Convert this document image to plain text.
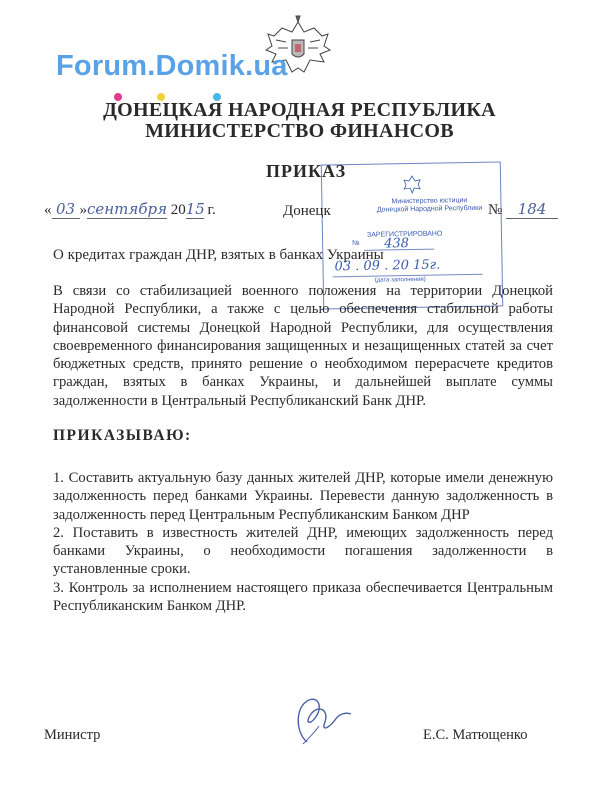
Forum.Domik.ua
ДОНЕЦКАЯ НАРОДНАЯ РЕСПУБЛИКА
МИНИСТЕРСТВО ФИНАНСОВ
ПРИКАЗ
Министерство юстиции
Донецкой Народной Республики
ЗАРЕГИСТРИРОВАНО
№ 438
03 . 09 . 20 15г.
(дата заполнения)
« 03 »сентября 2015 г.	Донецк	№ 184
О кредитах граждан ДНР, взятых в банках Украины
В связи со стабилизацией военного положения на территории Донецкой Народной Республики, а также с целью обеспечения стабильной работы финансовой системы Донецкой Народной Республики, для осуществления своевременного финансирования защищенных и незащищенных статей за счет бюджетных средств, принято решение о необходимом перерасчете кредитов граждан, взятых в банках Украины, и дальнейшей выплате суммы задолженности в Центральный Республиканский Банк ДНР.
ПРИКАЗЫВАЮ:
1. Составить актуальную базу данных жителей ДНР, которые имели денежную задолженность перед банками Украины. Перевести данную задолженность в задолженность перед Центральным Республиканским Банком ДНР
2. Поставить в известность жителей ДНР, имеющих задолженность перед банками Украины, о необходимости погашения задолженности в установленные сроки.
3. Контроль за исполнением настоящего приказа обеспечивается Центральным Республиканским Банком ДНР.
Министр	Е.С. Матющенко
